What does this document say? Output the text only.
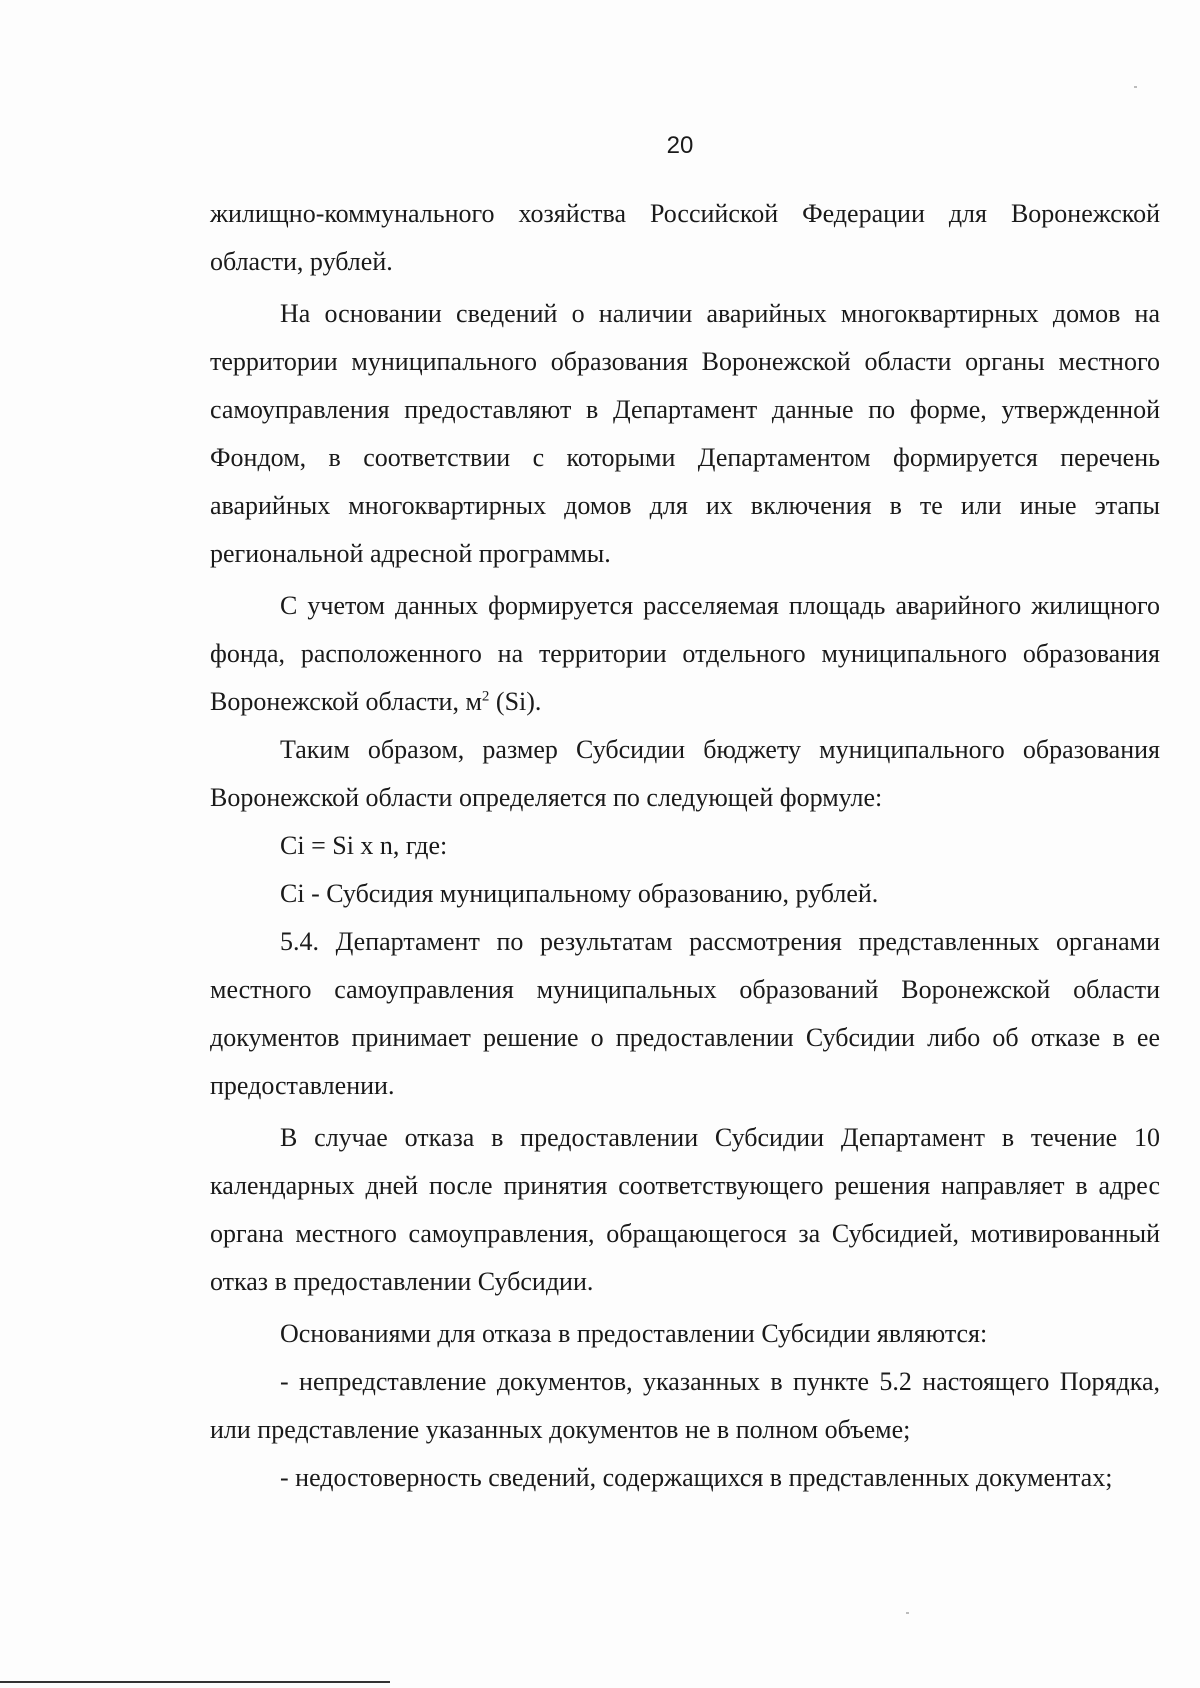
20

жилищно-коммунального хозяйства Российской Федерации для Воронежской области, рублей.

На основании сведений о наличии аварийных многоквартирных домов на территории муниципального образования Воронежской области органы местного самоуправления предоставляют в Департамент данные по форме, утвержденной Фондом, в соответствии с которыми Департаментом формируется перечень аварийных многоквартирных домов для их включения в те или иные этапы региональной адресной программы.

С учетом данных формируется расселяемая площадь аварийного жилищного фонда, расположенного на территории отдельного муниципального образования Воронежской области, $м^2$ (Si).

Таким образом, размер Субсидии бюджету муниципального образования Воронежской области определяется по следующей формуле:

Ci = Si x n, где:

Ci - Субсидия муниципальному образованию, рублей.

5.4. Департамент по результатам рассмотрения представленных органами местного самоуправления муниципальных образований Воронежской области документов принимает решение о предоставлении Субсидии либо об отказе в ее предоставлении.

В случае отказа в предоставлении Субсидии Департамент в течение 10 календарных дней после принятия соответствующего решения направляет в адрес органа местного самоуправления, обращающегося за Субсидией, мотивированный отказ в предоставлении Субсидии.

Основаниями для отказа в предоставлении Субсидии являются:

- непредставление документов, указанных в пункте 5.2 настоящего Порядка, или представление указанных документов не в полном объеме;

- недостоверность сведений, содержащихся в представленных документах;
